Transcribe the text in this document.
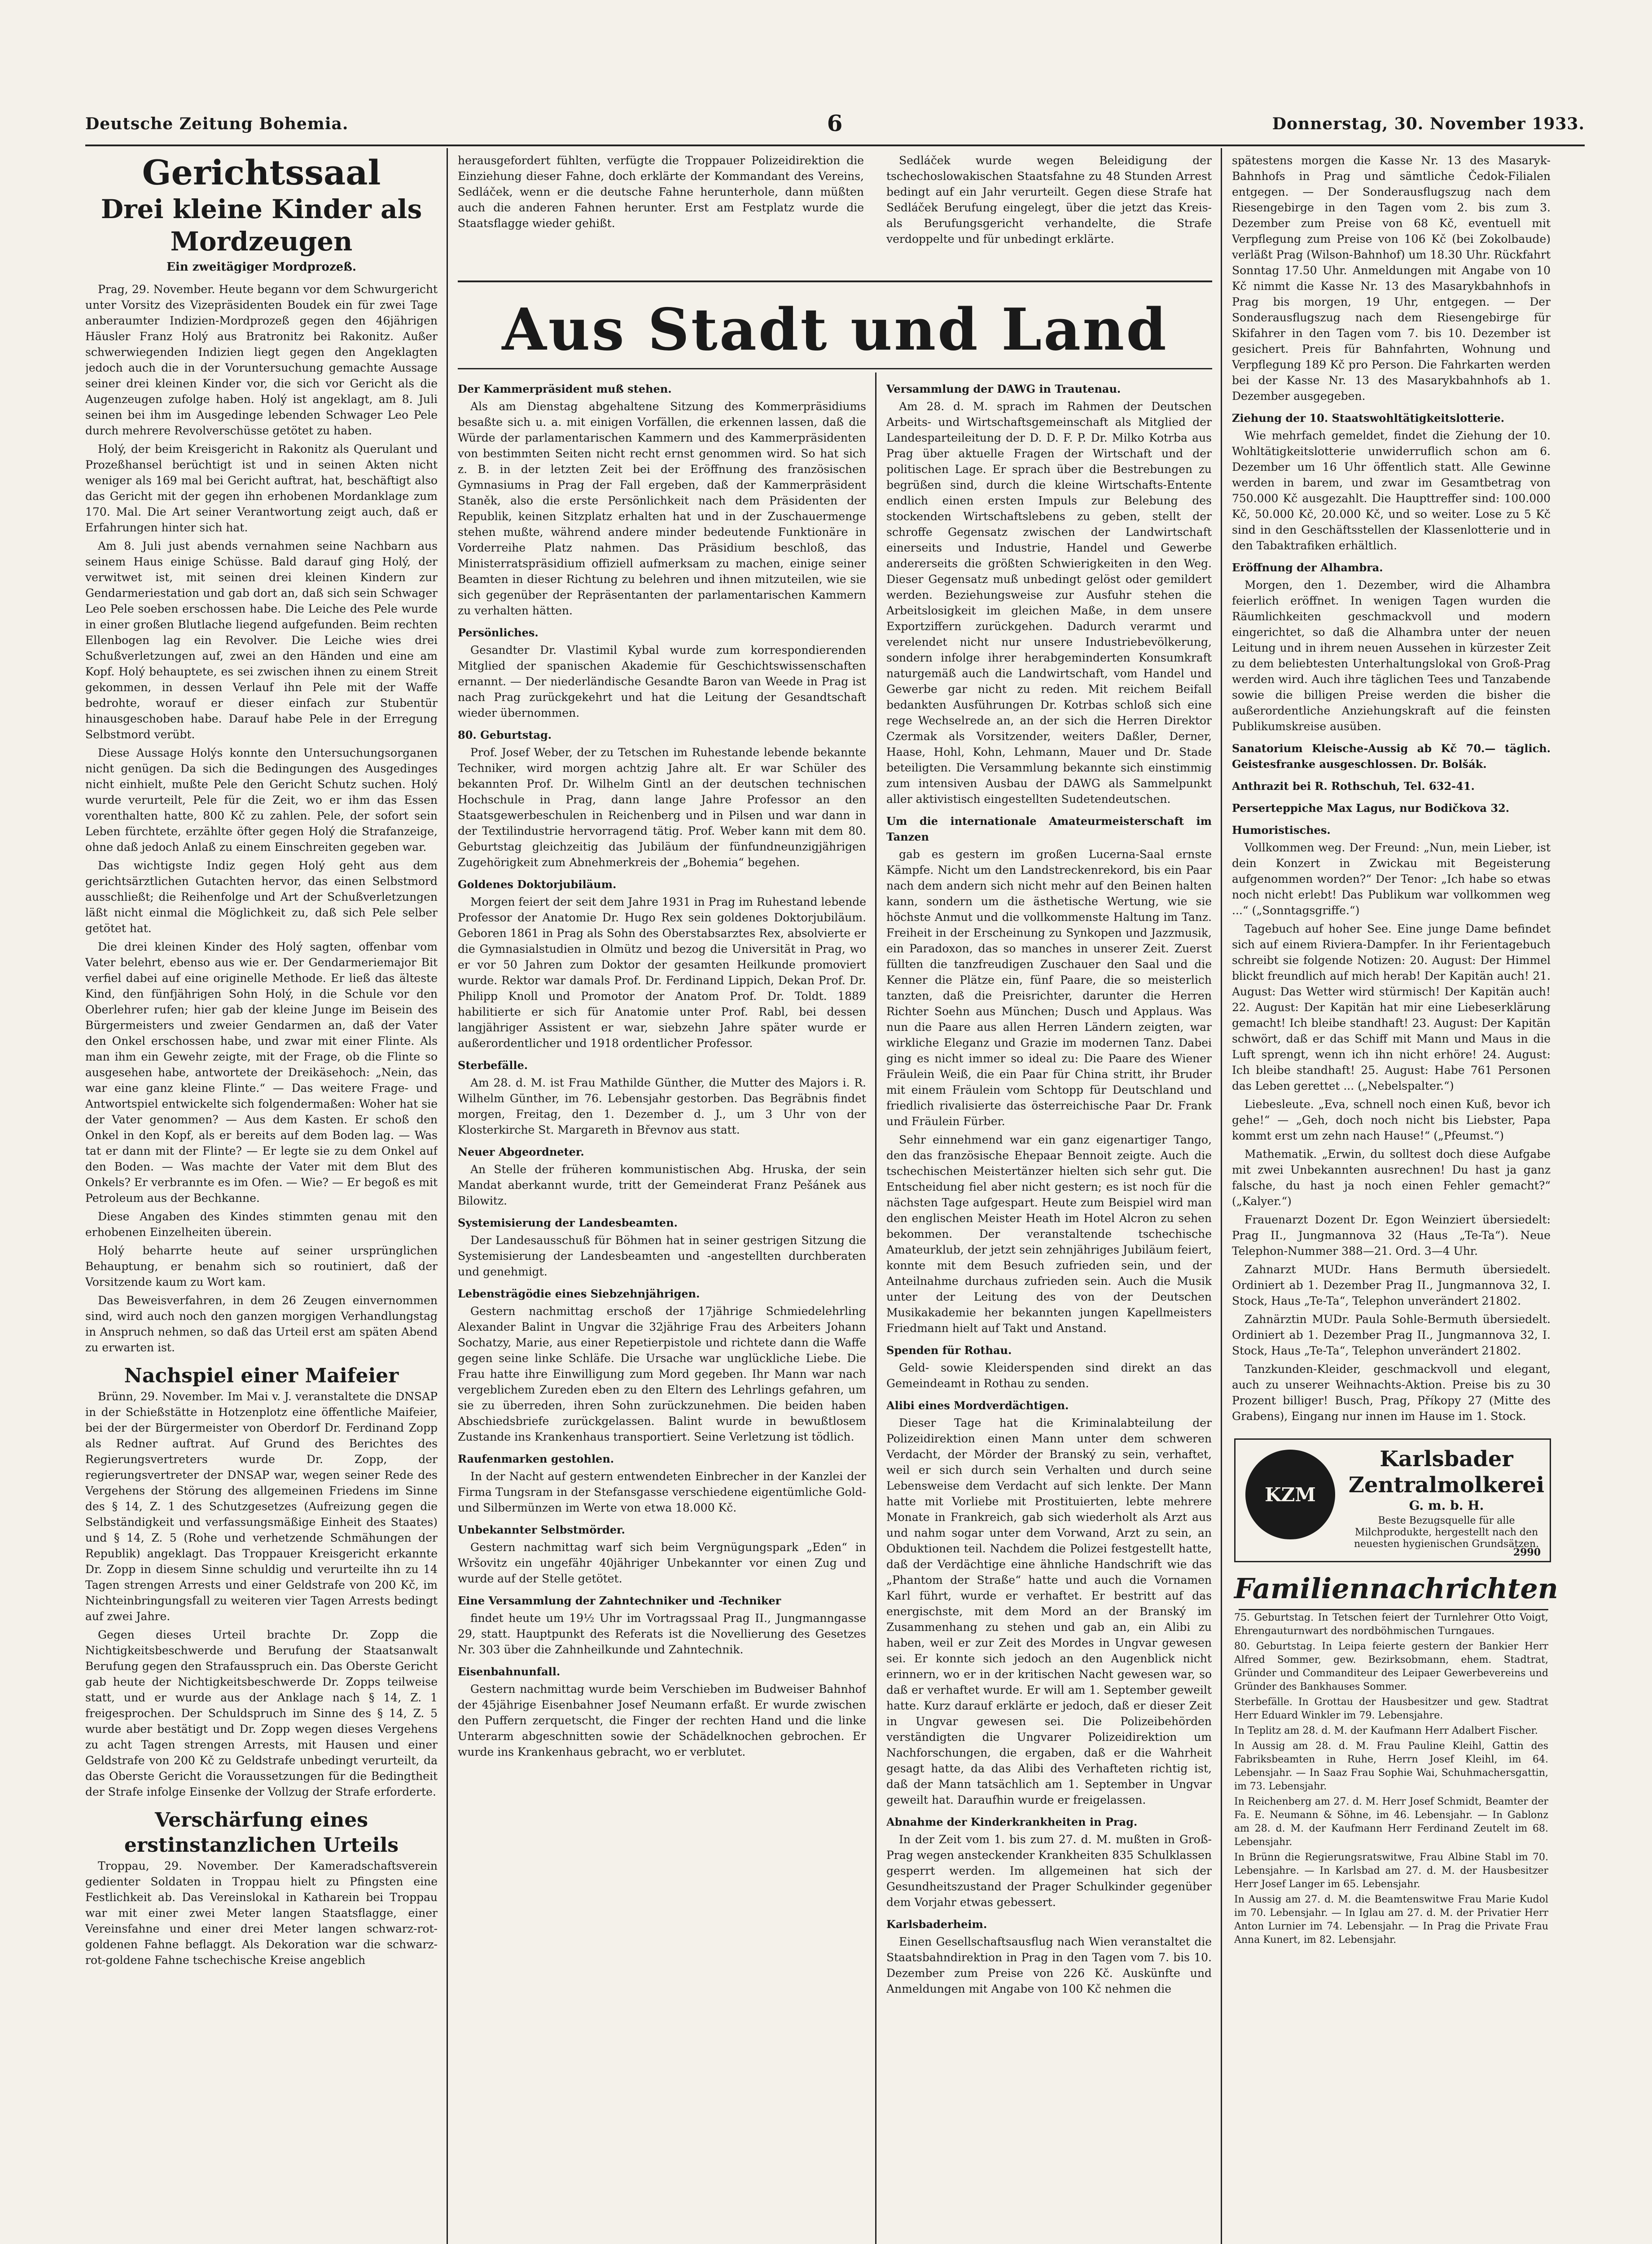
Deutsche Zeitung Bohemia.	6	Donnerstag, 30. November 1933.
Gerichtssaal
Drei kleine Kinder als Mordzeugen
Ein zweitägiger Mordprozeß.

Prag, 29. November. Heute begann vor dem Schwurgericht unter Vorsitz des Vizepräsidenten Boudek ein für zwei Tage anberaumter Indizien-Mordprozeß gegen den 46jährigen Häusler Franz Holý aus Bratronitz bei Rakonitz. Außer schwerwiegenden Indizien liegt gegen den Angeklagten jedoch auch die in der Voruntersuchung gemachte Aussage seiner drei kleinen Kinder vor, die sich vor Gericht als die Augenzeugen zufolge haben. Holý ist angeklagt, am 8. Juli seinen bei ihm im Ausgedinge lebenden Schwager Leo Pele durch mehrere Revolverschüsse getötet zu haben.

Holý, der beim Kreisgericht in Rakonitz als Querulant und Prozeßhansel berüchtigt ist und in seinen Akten nicht weniger als 169 mal bei Gericht auftrat, hat, beschäftigt also das Gericht mit der gegen ihn erhobenen Mordanklage zum 170. Mal. Die Art seiner Verantwortung zeigt auch, daß er Erfahrungen hinter sich hat.

Am 8. Juli just abends vernahmen seine Nachbarn aus seinem Haus einige Schüsse. Bald darauf ging Holý, der verwitwet ist, mit seinen drei kleinen Kindern zur Gendarmeriestation und gab dort an, daß sich sein Schwager Leo Pele soeben erschossen habe. Die Leiche des Pele wurde in einer großen Blutlache liegend aufgefunden. Beim rechten Ellenbogen lag ein Revolver. Die Leiche wies drei Schußverletzungen auf, zwei an den Händen und eine am Kopf. Holý behauptete, es sei zwischen ihnen zu einem Streit gekommen, in dessen Verlauf ihn Pele mit der Waffe bedrohte, worauf er dieser einfach zur Stubentür hinausgeschoben habe. Darauf habe Pele in der Erregung Selbstmord verübt.

Diese Aussage Holýs konnte den Untersuchungsorganen nicht genügen. Da sich die Bedingungen des Ausgedinges nicht einhielt, mußte Pele den Gericht Schutz suchen. Holý wurde verurteilt, Pele für die Zeit, wo er ihm das Essen vorenthalten hatte, 800 Kč zu zahlen. Pele, der sofort sein Leben fürchtete, erzählte öfter gegen Holý die Strafanzeige, ohne daß jedoch Anlaß zu einem Einschreiten gegeben war.

Das wichtigste Indiz gegen Holý geht aus dem gerichtsärztlichen Gutachten hervor, das einen Selbstmord ausschließt; die Reihenfolge und Art der Schußverletzungen läßt nicht einmal die Möglichkeit zu, daß sich Pele selber getötet hat.

Die drei kleinen Kinder des Holý sagten, offenbar vom Vater belehrt, ebenso aus wie er. Der Gendarmeriemajor Bit verfiel dabei auf eine originelle Methode. Er ließ das älteste Kind, den fünfjährigen Sohn Holý, in die Schule vor den Oberlehrer rufen; hier gab der kleine Junge im Beisein des Bürgermeisters und zweier Gendarmen an, daß der Vater den Onkel erschossen habe, und zwar mit einer Flinte. Als man ihm ein Gewehr zeigte, mit der Frage, ob die Flinte so ausgesehen habe, antwortete der Dreikäsehoch: „Nein, das war eine ganz kleine Flinte.“ — Das weitere Frage- und Antwortspiel entwickelte sich folgendermaßen: Woher hat sie der Vater genommen? — Aus dem Kasten. Er schoß den Onkel in den Kopf, als er bereits auf dem Boden lag. — Was tat er dann mit der Flinte? — Er legte sie zu dem Onkel auf den Boden. — Was machte der Vater mit dem Blut des Onkels? Er verbrannte es im Ofen. — Wie? — Er begoß es mit Petroleum aus der Bechkanne.

Diese Angaben des Kindes stimmten genau mit den erhobenen Einzelheiten überein.

Holý beharrte heute auf seiner ursprünglichen Behauptung, er benahm sich so routiniert, daß der Vorsitzende kaum zu Wort kam.

Das Beweisverfahren, in dem 26 Zeugen einvernommen sind, wird auch noch den ganzen morgigen Verhandlungstag in Anspruch nehmen, so daß das Urteil erst am späten Abend zu erwarten ist.

Nachspiel einer Maifeier

Brünn, 29. November. Im Mai v. J. veranstaltete die DNSAP in der Schießstätte in Hotzenplotz eine öffentliche Maifeier, bei der der Bürgermeister von Oberdorf Dr. Ferdinand Zopp als Redner auftrat. Auf Grund des Berichtes des Regierungsvertreters wurde Dr. Zopp, der regierungsvertreter der DNSAP war, wegen seiner Rede des Vergehens der Störung des allgemeinen Friedens im Sinne des § 14, Z. 1 des Schutzgesetzes (Aufreizung gegen die Selbständigkeit und verfassungsmäßige Einheit des Staates) und § 14, Z. 5 (Rohe und verhetzende Schmähungen der Republik) angeklagt. Das Troppauer Kreisgericht erkannte Dr. Zopp in diesem Sinne schuldig und verurteilte ihn zu 14 Tagen strengen Arrests und einer Geldstrafe von 200 Kč, im Nichteinbringungsfall zu weiteren vier Tagen Arrests bedingt auf zwei Jahre.

Gegen dieses Urteil brachte Dr. Zopp die Nichtigkeitsbeschwerde und Berufung der Staatsanwalt Berufung gegen den Strafausspruch ein. Das Oberste Gericht gab heute der Nichtigkeitsbeschwerde Dr. Zopps teilweise statt, und er wurde aus der Anklage nach § 14, Z. 1 freigesprochen. Der Schuldspruch im Sinne des § 14, Z. 5 wurde aber bestätigt und Dr. Zopp wegen dieses Vergehens zu acht Tagen strengen Arrests, mit Hausen und einer Geldstrafe von 200 Kč zu Geldstrafe unbedingt verurteilt, da das Oberste Gericht die Voraussetzungen für die Bedingtheit der Strafe infolge Einsenke der Vollzug der Strafe erforderte.

Verschärfung eines erstinstanzlichen Urteils

Troppau, 29. November. Der Kameradschaftsverein gedienter Soldaten in Troppau hielt zu Pfingsten eine Festlichkeit ab. Das Vereinslokal in Katharein bei Troppau war mit einer zwei Meter langen Staatsflagge, einer Vereinsfahne und einer drei Meter langen schwarz-rot-goldenen Fahne beflaggt. Als Dekoration war die schwarz-rot-goldene Fahne tschechische Kreise angeblich

herausgefordert fühlten, verfügte die Troppauer Polizeidirektion die Einziehung dieser Fahne, doch erklärte der Kommandant des Vereins, Sedláček, wenn er die deutsche Fahne herunterhole, dann müßten auch die anderen Fahnen herunter. Erst am Festplatz wurde die Staatsflagge wieder gehißt.

Sedláček wurde wegen Beleidigung der tschechoslowakischen Staatsfahne zu 48 Stunden Arrest bedingt auf ein Jahr verurteilt. Gegen diese Strafe hat Sedláček Berufung eingelegt, über die jetzt das Kreis- als Berufungsgericht verhandelte, die Strafe verdoppelte und für unbedingt erklärte.

Aus Stadt und Land
Der Kammerpräsident muß stehen.

Als am Dienstag abgehaltene Sitzung des Kommerpräsidiums besaßte sich u. a. mit einigen Vorfällen, die erkennen lassen, daß die Würde der parlamentarischen Kammern und des Kammerpräsidenten von bestimmten Seiten nicht recht ernst genommen wird. So hat sich z. B. in der letzten Zeit bei der Eröffnung des französischen Gymnasiums in Prag der Fall ergeben, daß der Kammerpräsident Staněk, also die erste Persönlichkeit nach dem Präsidenten der Republik, keinen Sitzplatz erhalten hat und in der Zuschauermenge stehen mußte, während andere minder bedeutende Funktionäre in Vorderreihe Platz nahmen. Das Präsidium beschloß, das Ministerratspräsidium offiziell aufmerksam zu machen, einige seiner Beamten in dieser Richtung zu belehren und ihnen mitzuteilen, wie sie sich gegenüber der Repräsentanten der parlamentarischen Kammern zu verhalten hätten.

Persönliches.

Gesandter Dr. Vlastimil Kybal wurde zum korrespondierenden Mitglied der spanischen Akademie für Geschichtswissenschaften ernannt. — Der niederländische Gesandte Baron van Weede in Prag ist nach Prag zurückgekehrt und hat die Leitung der Gesandtschaft wieder übernommen.

80. Geburtstag.

Prof. Josef Weber, der zu Tetschen im Ruhestande lebende bekannte Techniker, wird morgen achtzig Jahre alt. Er war Schüler des bekannten Prof. Dr. Wilhelm Gintl an der deutschen technischen Hochschule in Prag, dann lange Jahre Professor an den Staatsgewerbeschulen in Reichenberg und in Pilsen und war dann in der Textilindustrie hervorragend tätig. Prof. Weber kann mit dem 80. Geburtstag gleichzeitig das Jubiläum der fünfundneunzigjährigen Zugehörigkeit zum Abnehmerkreis der „Bohemia“ begehen.

Goldenes Doktorjubiläum.

Morgen feiert der seit dem Jahre 1931 in Prag im Ruhestand lebende Professor der Anatomie Dr. Hugo Rex sein goldenes Doktorjubiläum. Geboren 1861 in Prag als Sohn des Oberstabsarztes Rex, absolvierte er die Gymnasialstudien in Olmütz und bezog die Universität in Prag, wo er vor 50 Jahren zum Doktor der gesamten Heilkunde promoviert wurde. Rektor war damals Prof. Dr. Ferdinand Lippich, Dekan Prof. Dr. Philipp Knoll und Promotor der Anatom Prof. Dr. Toldt. 1889 habilitierte er sich für Anatomie unter Prof. Rabl, bei dessen langjähriger Assistent er war, siebzehn Jahre später wurde er außerordentlicher und 1918 ordentlicher Professor.

Sterbefälle.

Am 28. d. M. ist Frau Mathilde Günther, die Mutter des Majors i. R. Wilhelm Günther, im 76. Lebensjahr gestorben. Das Begräbnis findet morgen, Freitag, den 1. Dezember d. J., um 3 Uhr von der Klosterkirche St. Margareth in Břevnov aus statt.

Neuer Abgeordneter.

An Stelle der früheren kommunistischen Abg. Hruska, der sein Mandat aberkannt wurde, tritt der Gemeinderat Franz Pešánek aus Bilowitz.

Systemisierung der Landesbeamten.

Der Landesausschuß für Böhmen hat in seiner gestrigen Sitzung die Systemisierung der Landesbeamten und -angestellten durchberaten und genehmigt.

Lebensträgödie eines Siebzehnjährigen.

Gestern nachmittag erschoß der 17jährige Schmiedelehrling Alexander Balint in Ungvar die 32jährige Frau des Arbeiters Johann Sochatzy, Marie, aus einer Repetierpistole und richtete dann die Waffe gegen seine linke Schläfe. Die Ursache war unglückliche Liebe. Die Frau hatte ihre Einwilligung zum Mord gegeben. Ihr Mann war nach vergeblichem Zureden eben zu den Eltern des Lehrlings gefahren, um sie zu überreden, ihren Sohn zurückzunehmen. Die beiden haben Abschiedsbriefe zurückgelassen. Balint wurde in bewußtlosem Zustande ins Krankenhaus transportiert. Seine Verletzung ist tödlich.

Raufenmarken gestohlen.

In der Nacht auf gestern entwendeten Einbrecher in der Kanzlei der Firma Tungsram in der Stefansgasse verschiedene eigentümliche Gold- und Silbermünzen im Werte von etwa 18.000 Kč.

Unbekannter Selbstmörder.

Gestern nachmittag warf sich beim Vergnügungspark „Eden“ in Wršovitz ein ungefähr 40jähriger Unbekannter vor einen Zug und wurde auf der Stelle getötet.

Eine Versammlung der Zahntechniker und -Techniker

findet heute um 19½ Uhr im Vortragssaal Prag II., Jungmanngasse 29, statt. Hauptpunkt des Referats ist die Novellierung des Gesetzes Nr. 303 über die Zahnheilkunde und Zahntechnik.

Eisenbahnunfall.

Gestern nachmittag wurde beim Verschieben im Budweiser Bahnhof der 45jährige Eisenbahner Josef Neumann erfaßt. Er wurde zwischen den Puffern zerquetscht, die Finger der rechten Hand und die linke Unterarm abgeschnitten sowie der Schädelknochen gebrochen. Er wurde ins Krankenhaus gebracht, wo er verblutet.

Versammlung der DAWG in Trautenau.

Am 28. d. M. sprach im Rahmen der Deutschen Arbeits- und Wirtschaftsgemeinschaft als Mitglied der Landesparteileitung der D. D. F. P. Dr. Milko Kotrba aus Prag über aktuelle Fragen der Wirtschaft und der politischen Lage. Er sprach über die Bestrebungen zu begrüßen sind, durch die kleine Wirtschafts-Entente endlich einen ersten Impuls zur Belebung des stockenden Wirtschaftslebens zu geben, stellt der schroffe Gegensatz zwischen der Landwirtschaft einerseits und Industrie, Handel und Gewerbe andererseits die größten Schwierigkeiten in den Weg. Dieser Gegensatz muß unbedingt gelöst oder gemildert werden. Beziehungsweise zur Ausfuhr stehen die Arbeitslosigkeit im gleichen Maße, in dem unsere Exportziffern zurückgehen. Dadurch verarmt und verelendet nicht nur unsere Industriebevölkerung, sondern infolge ihrer herabgeminderten Konsumkraft naturgemäß auch die Landwirtschaft, vom Handel und Gewerbe gar nicht zu reden. Mit reichem Beifall bedankten Ausführungen Dr. Kotrbas schloß sich eine rege Wechselrede an, an der sich die Herren Direktor Czermak als Vorsitzender, weiters Daßler, Derner, Haase, Hohl, Kohn, Lehmann, Mauer und Dr. Stade beteiligten. Die Versammlung bekannte sich einstimmig zum intensiven Ausbau der DAWG als Sammelpunkt aller aktivistisch eingestellten Sudetendeutschen.

Um die internationale Amateurmeisterschaft im Tanzen

gab es gestern im großen Lucerna-Saal ernste Kämpfe. Nicht um den Landstreckenrekord, bis ein Paar nach dem andern sich nicht mehr auf den Beinen halten kann, sondern um die ästhetische Wertung, wie sie höchste Anmut und die vollkommenste Haltung im Tanz. Freiheit in der Erscheinung zu Synkopen und Jazzmusik, ein Paradoxon, das so manches in unserer Zeit. Zuerst füllten die tanzfreudigen Zuschauer den Saal und die Kenner die Plätze ein, fünf Paare, die so meisterlich tanzten, daß die Preisrichter, darunter die Herren Richter Soehn aus München; Dusch und Applaus. Was nun die Paare aus allen Herren Ländern zeigten, war wirkliche Eleganz und Grazie im modernen Tanz. Dabei ging es nicht immer so ideal zu: Die Paare des Wiener Fräulein Weiß, die ein Paar für China stritt, ihr Bruder mit einem Fräulein vom Schtopp für Deutschland und friedlich rivalisierte das österreichische Paar Dr. Frank und Fräulein Fürber.

Sehr einnehmend war ein ganz eigenartiger Tango, den das französische Ehepaar Bennoit zeigte. Auch die tschechischen Meistertänzer hielten sich sehr gut. Die Entscheidung fiel aber nicht gestern; es ist noch für die nächsten Tage aufgespart. Heute zum Beispiel wird man den englischen Meister Heath im Hotel Alcron zu sehen bekommen. Der veranstaltende tschechische Amateurklub, der jetzt sein zehnjähriges Jubiläum feiert, konnte mit dem Besuch zufrieden sein, und der Anteilnahme durchaus zufrieden sein. Auch die Musik unter der Leitung des von der Deutschen Musikakademie her bekannten jungen Kapellmeisters Friedmann hielt auf Takt und Anstand.

Spenden für Rothau.

Geld- sowie Kleiderspenden sind direkt an das Gemeindeamt in Rothau zu senden.

Alibi eines Mordverdächtigen.

Dieser Tage hat die Kriminalabteilung der Polizeidirektion einen Mann unter dem schweren Verdacht, der Mörder der Branský zu sein, verhaftet, weil er sich durch sein Verhalten und durch seine Lebensweise dem Verdacht auf sich lenkte. Der Mann hatte mit Vorliebe mit Prostituierten, lebte mehrere Monate in Frankreich, gab sich wiederholt als Arzt aus und nahm sogar unter dem Vorwand, Arzt zu sein, an Obduktionen teil. Nachdem die Polizei festgestellt hatte, daß der Verdächtige eine ähnliche Handschrift wie das „Phantom der Straße“ hatte und auch die Vornamen Karl führt, wurde er verhaftet. Er bestritt auf das energischste, mit dem Mord an der Branský im Zusammenhang zu stehen und gab an, ein Alibi zu haben, weil er zur Zeit des Mordes in Ungvar gewesen sei. Er konnte sich jedoch an den Augenblick nicht erinnern, wo er in der kritischen Nacht gewesen war, so daß er verhaftet wurde. Er will am 1. September geweilt hatte. Kurz darauf erklärte er jedoch, daß er dieser Zeit in Ungvar gewesen sei. Die Polizeibehörden verständigten die Ungvarer Polizeidirektion um Nachforschungen, die ergaben, daß er die Wahrheit gesagt hatte, da das Alibi des Verhafteten richtig ist, daß der Mann tatsächlich am 1. September in Ungvar geweilt hat. Daraufhin wurde er freigelassen.

Abnahme der Kinderkrankheiten in Prag.

In der Zeit vom 1. bis zum 27. d. M. mußten in Groß-Prag wegen ansteckender Krankheiten 835 Schulklassen gesperrt werden. Im allgemeinen hat sich der Gesundheitszustand der Prager Schulkinder gegenüber dem Vorjahr etwas gebessert.

Karlsbaderheim.

Einen Gesellschaftsausflug nach Wien veranstaltet die Staatsbahndirektion in Prag in den Tagen vom 7. bis 10. Dezember zum Preise von 226 Kč. Auskünfte und Anmeldungen mit Angabe von 100 Kč nehmen die

spätestens morgen die Kasse Nr. 13 des Masaryk-Bahnhofs in Prag und sämtliche Čedok-Filialen entgegen. — Der Sonderausflugszug nach dem Riesengebirge in den Tagen vom 2. bis zum 3. Dezember zum Preise von 68 Kč, eventuell mit Verpflegung zum Preise von 106 Kč (bei Zokolbaude) verläßt Prag (Wilson-Bahnhof) um 18.30 Uhr. Rückfahrt Sonntag 17.50 Uhr. Anmeldungen mit Angabe von 10 Kč nimmt die Kasse Nr. 13 des Masarykbahnhofs in Prag bis morgen, 19 Uhr, entgegen. — Der Sonderausflugszug nach dem Riesengebirge für Skifahrer in den Tagen vom 7. bis 10. Dezember ist gesichert. Preis für Bahnfahrten, Wohnung und Verpflegung 189 Kč pro Person. Die Fahrkarten werden bei der Kasse Nr. 13 des Masarykbahnhofs ab 1. Dezember ausgegeben.

Ziehung der 10. Staatswohltätigkeitslotterie.

Wie mehrfach gemeldet, findet die Ziehung der 10. Wohltätigkeitslotterie unwiderruflich schon am 6. Dezember um 16 Uhr öffentlich statt. Alle Gewinne werden in barem, und zwar im Gesamtbetrag von 750.000 Kč ausgezahlt. Die Haupttreffer sind: 100.000 Kč, 50.000 Kč, 20.000 Kč, und so weiter. Lose zu 5 Kč sind in den Geschäftsstellen der Klassenlotterie und in den Tabaktrafiken erhältlich.

Eröffnung der Alhambra.

Morgen, den 1. Dezember, wird die Alhambra feierlich eröffnet. In wenigen Tagen wurden die Räumlichkeiten geschmackvoll und modern eingerichtet, so daß die Alhambra unter der neuen Leitung und in ihrem neuen Aussehen in kürzester Zeit zu dem beliebtesten Unterhaltungslokal von Groß-Prag werden wird. Auch ihre täglichen Tees und Tanzabende sowie die billigen Preise werden die bisher die außerordentliche Anziehungskraft auf die feinsten Publikumskreise ausüben.

Sanatorium Kleische-Aussig ab Kč 70.— täglich. Geistesfranke ausgeschlossen. Dr. Bolšák.
Anthrazit bei R. Rothschuh, Tel. 632-41.
Perserteppiche Max Lagus, nur Bodičkova 32.
Humoristisches.

Vollkommen weg. Der Freund: „Nun, mein Lieber, ist dein Konzert in Zwickau mit Begeisterung aufgenommen worden?“ Der Tenor: „Ich habe so etwas noch nicht erlebt! Das Publikum war vollkommen weg ...“ („Sonntagsgriffe.“)

Tagebuch auf hoher See. Eine junge Dame befindet sich auf einem Riviera-Dampfer. In ihr Ferientagebuch schreibt sie folgende Notizen: 20. August: Der Himmel blickt freundlich auf mich herab! Der Kapitän auch! 21. August: Das Wetter wird stürmisch! Der Kapitän auch! 22. August: Der Kapitän hat mir eine Liebeserklärung gemacht! Ich bleibe standhaft! 23. August: Der Kapitän schwört, daß er das Schiff mit Mann und Maus in die Luft sprengt, wenn ich ihn nicht erhöre! 24. August: Ich bleibe standhaft! 25. August: Habe 761 Personen das Leben gerettet ... („Nebelspalter.“)

Liebesleute. „Eva, schnell noch einen Kuß, bevor ich gehe!“ — „Geh, doch noch nicht bis Liebster, Papa kommt erst um zehn nach Hause!“ („Pfeumst.“)

Mathematik. „Erwin, du solltest doch diese Aufgabe mit zwei Unbekannten ausrechnen! Du hast ja ganz falsche, du hast ja noch einen Fehler gemacht?“ („Kalyer.“)

Frauenarzt Dozent Dr. Egon Weinziert übersiedelt: Prag II., Jungmannova 32 (Haus „Te-Ta“). Neue Telephon-Nummer 388—21. Ord. 3—4 Uhr.

Zahnarzt MUDr. Hans Bermuth übersiedelt. Ordiniert ab 1. Dezember Prag II., Jungmannova 32, I. Stock, Haus „Te-Ta“, Telephon unverändert 21802.

Zahnärztin MUDr. Paula Sohle-Bermuth übersiedelt. Ordiniert ab 1. Dezember Prag II., Jungmannova 32, I. Stock, Haus „Te-Ta“, Telephon unverändert 21802.

Tanzkunden-Kleider, geschmackvoll und elegant, auch zu unserer Weihnachts-Aktion. Preise bis zu 30 Prozent billiger! Busch, Prag, Příkopy 27 (Mitte des Grabens), Eingang nur innen im Hause im 1. Stock.

KZM
Karlsbader
Zentralmolkerei
G. m. b. H.
Beste Bezugsquelle für alle Milchprodukte, hergestellt nach den neuesten hygienischen Grundsätzen.
2990
Familiennachrichten

75. Geburtstag. In Tetschen feiert der Turnlehrer Otto Voigt, Ehrengauturnwart des nordböhmischen Turngaues.

80. Geburtstag. In Leipa feierte gestern der Bankier Herr Alfred Sommer, gew. Bezirksobmann, ehem. Stadtrat, Gründer und Commanditeur des Leipaer Gewerbevereins und Gründer des Bankhauses Sommer.

Sterbefälle. In Grottau der Hausbesitzer und gew. Stadtrat Herr Eduard Winkler im 79. Lebensjahre.

In Teplitz am 28. d. M. der Kaufmann Herr Adalbert Fischer.

In Aussig am 28. d. M. Frau Pauline Kleihl, Gattin des Fabriksbeamten in Ruhe, Herrn Josef Kleihl, im 64. Lebensjahr. — In Saaz Frau Sophie Wai, Schuhmachersgattin, im 73. Lebensjahr.

In Reichenberg am 27. d. M. Herr Josef Schmidt, Beamter der Fa. E. Neumann & Söhne, im 46. Lebensjahr. — In Gablonz am 28. d. M. der Kaufmann Herr Ferdinand Zeutelt im 68. Lebensjahr.

In Brünn die Regierungsratswitwe, Frau Albine Stabl im 70. Lebensjahre. — In Karlsbad am 27. d. M. der Hausbesitzer Herr Josef Langer im 65. Lebensjahr.

In Aussig am 27. d. M. die Beamtenswitwe Frau Marie Kudol im 70. Lebensjahr. — In Iglau am 27. d. M. der Privatier Herr Anton Lurnier im 74. Lebensjahr. — In Prag die Private Frau Anna Kunert, im 82. Lebensjahr.
